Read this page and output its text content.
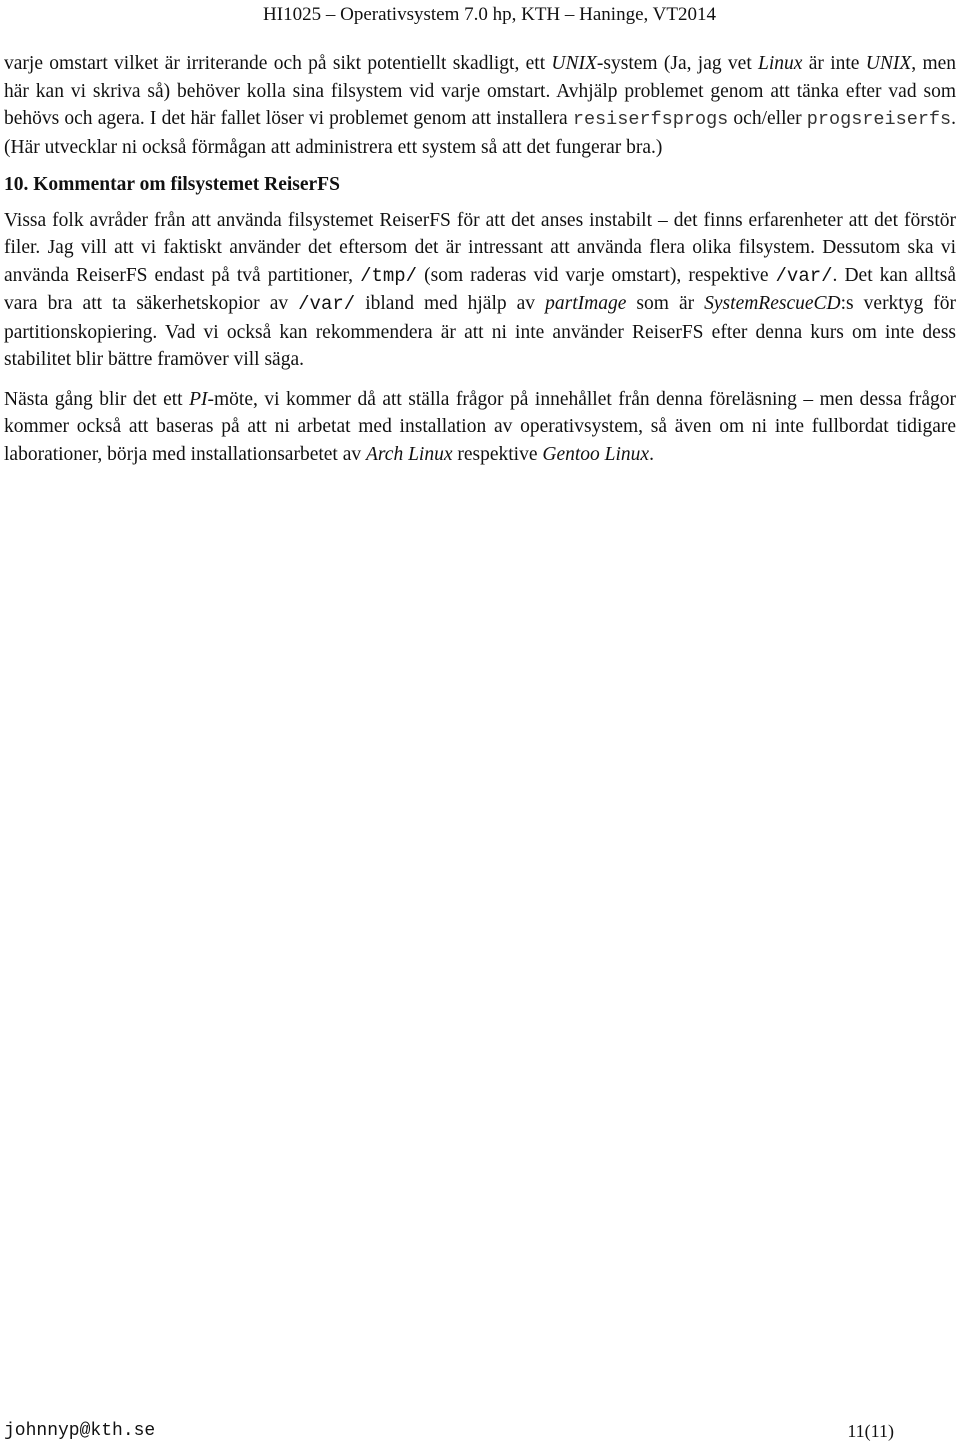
HI1025 – Operativsystem 7.0 hp, KTH – Haninge, VT2014

varje omstart vilket är irriterande och på sikt potentiellt skadligt, ett UNIX-system (Ja, jag vet Linux är inte UNIX, men här kan vi skriva så) behöver kolla sina filsystem vid varje omstart. Avhjälp problemet genom att tänka efter vad som behövs och agera. I det här fallet löser vi problemet genom att installera resiserfsprogs och/eller progsreiserfs. (Här utvecklar ni också förmågan att administrera ett system så att det fungerar bra.)

10. Kommentar om filsystemet ReiserFS

Vissa folk avråder från att använda filsystemet ReiserFS för att det anses instabilt – det finns erfarenheter att det förstör filer. Jag vill att vi faktiskt använder det eftersom det är intressant att använda flera olika filsystem. Dessutom ska vi använda ReiserFS endast på två partitioner, /tmp/ (som raderas vid varje omstart), respektive /var/. Det kan alltså vara bra att ta säkerhetskopior av /var/ ibland med hjälp av partImage som är SystemRescueCD:s verktyg för partitionskopiering. Vad vi också kan rekommendera är att ni inte använder ReiserFS efter denna kurs om inte dess stabilitet blir bättre framöver vill säga.

Nästa gång blir det ett PI-möte, vi kommer då att ställa frågor på innehållet från denna föreläsning – men dessa frågor kommer också att baseras på att ni arbetat med installation av operativsystem, så även om ni inte fullbordat tidigare laborationer, börja med installationsarbetet av Arch Linux respektive Gentoo Linux.

johnnyp@kth.se	11(11)
